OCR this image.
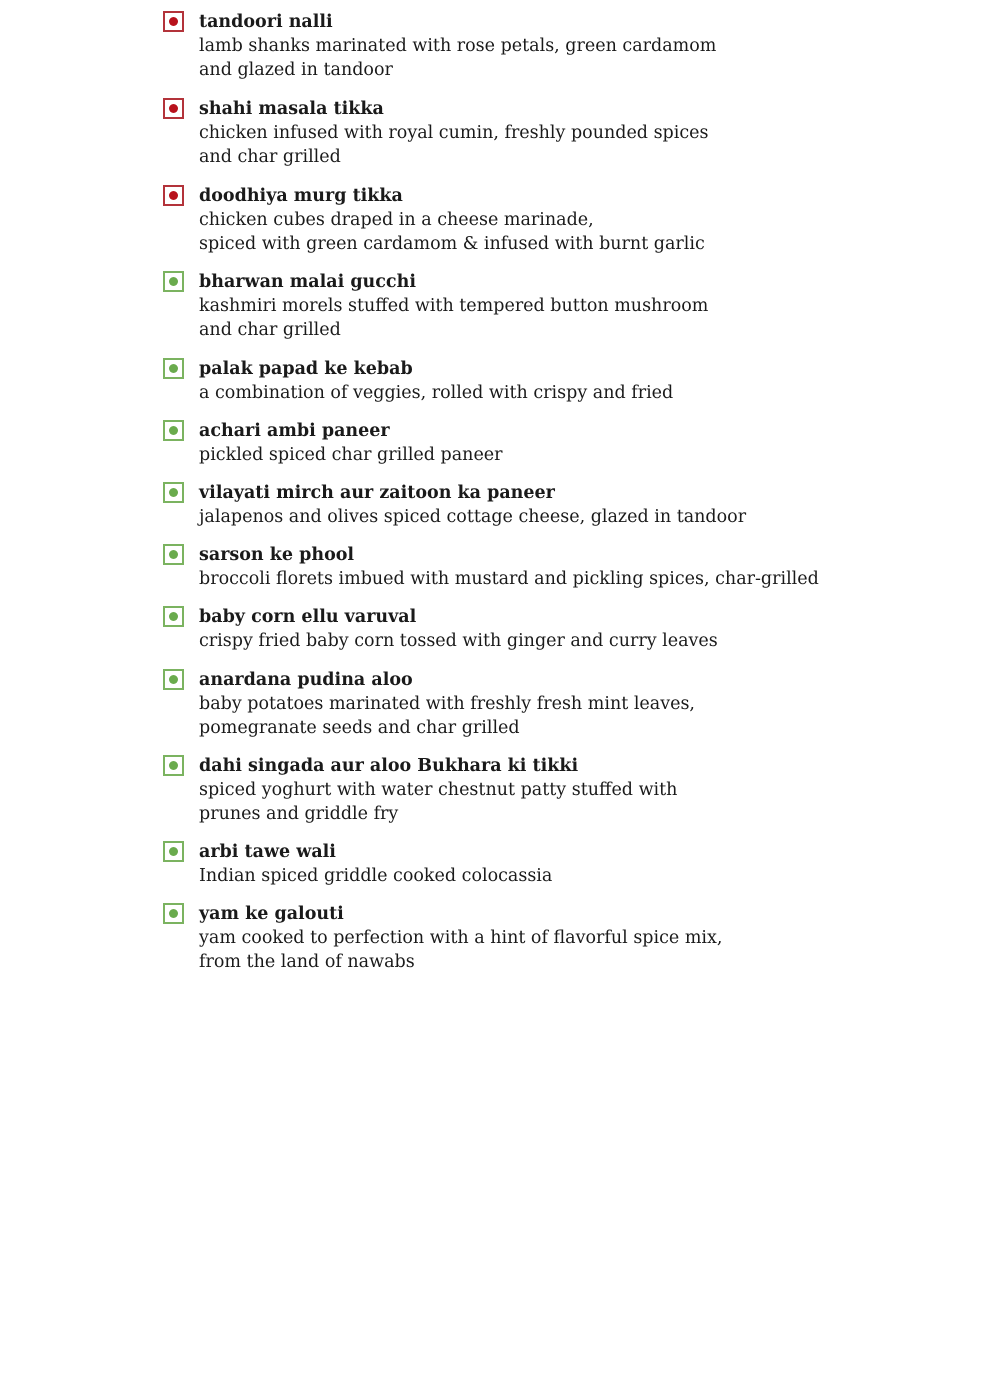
tandoori nalli
lamb shanks marinated with rose petals, green cardamom
and glazed in tandoor
shahi masala tikka
chicken infused with royal cumin, freshly pounded spices
and char grilled
doodhiya murg tikka
chicken cubes draped in a cheese marinade,
spiced with green cardamom & infused with burnt garlic
bharwan malai gucchi
kashmiri morels stuffed with tempered button mushroom
and char grilled
palak papad ke kebab
a combination of veggies, rolled with crispy and fried
achari ambi paneer
pickled spiced char grilled paneer
vilayati mirch aur zaitoon ka paneer
jalapenos and olives spiced cottage cheese, glazed in tandoor
sarson ke phool
broccoli florets imbued with mustard and pickling spices, char-grilled
baby corn ellu varuval
crispy fried baby corn tossed with ginger and curry leaves
anardana pudina aloo
baby potatoes marinated with freshly fresh mint leaves,
pomegranate seeds and char grilled
dahi singada aur aloo Bukhara ki tikki
spiced yoghurt with water chestnut patty stuffed with
prunes and griddle fry
arbi tawe wali
Indian spiced griddle cooked colocassia
yam ke galouti
yam cooked to perfection with a hint of flavorful spice mix,
from the land of nawabs
